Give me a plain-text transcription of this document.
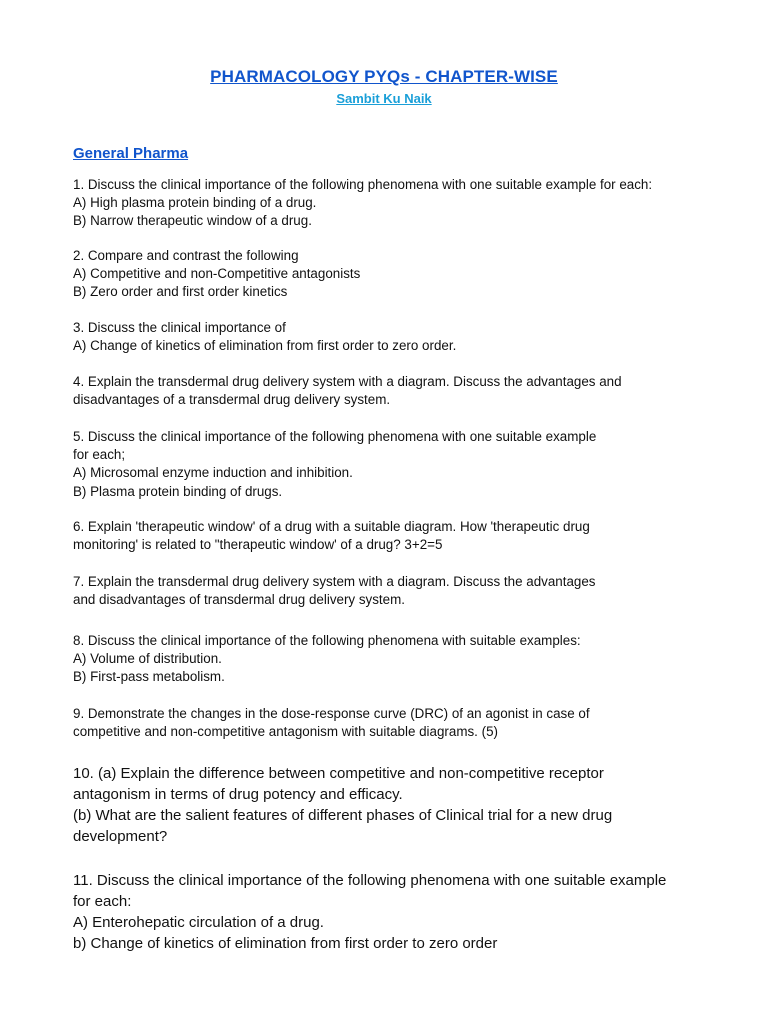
PHARMACOLOGY PYQs - CHAPTER-WISE
Sambit Ku Naik
General Pharma
1. Discuss the clinical importance of the following phenomena with one suitable example for each:
A) High plasma protein binding of a drug.
B) Narrow therapeutic window of a drug.
2. Compare and contrast the following
A) Competitive and non-Competitive antagonists
B) Zero order and first order kinetics
3. Discuss the clinical importance of
A) Change of kinetics of elimination from first order to zero order.
4. Explain the transdermal drug delivery system with a diagram. Discuss the advantages and
disadvantages of a transdermal drug delivery system.
5. Discuss the clinical importance of the following phenomena with one suitable example
for each;
A) Microsomal enzyme induction and inhibition.
B) Plasma protein binding of drugs.
6. Explain 'therapeutic window' of a drug with a suitable diagram. How 'therapeutic drug
monitoring' is related to "therapeutic window' of a drug? 3+2=5
7. Explain the transdermal drug delivery system with a diagram. Discuss the advantages
and disadvantages of transdermal drug delivery system.
8. Discuss the clinical importance of the following phenomena with suitable examples:
A) Volume of distribution.
B) First-pass metabolism.
9. Demonstrate the changes in the dose-response curve (DRC) of an agonist in case of
competitive and non-competitive antagonism with suitable diagrams. (5)
10. (a) Explain the difference between competitive and non-competitive receptor
antagonism in terms of drug potency and efficacy.
(b) What are the salient features of different phases of Clinical trial for a new drug
development?
11. Discuss the clinical importance of the following phenomena with one suitable example
for each:
A) Enterohepatic circulation of a drug.
b) Change of kinetics of elimination from first order to zero order
